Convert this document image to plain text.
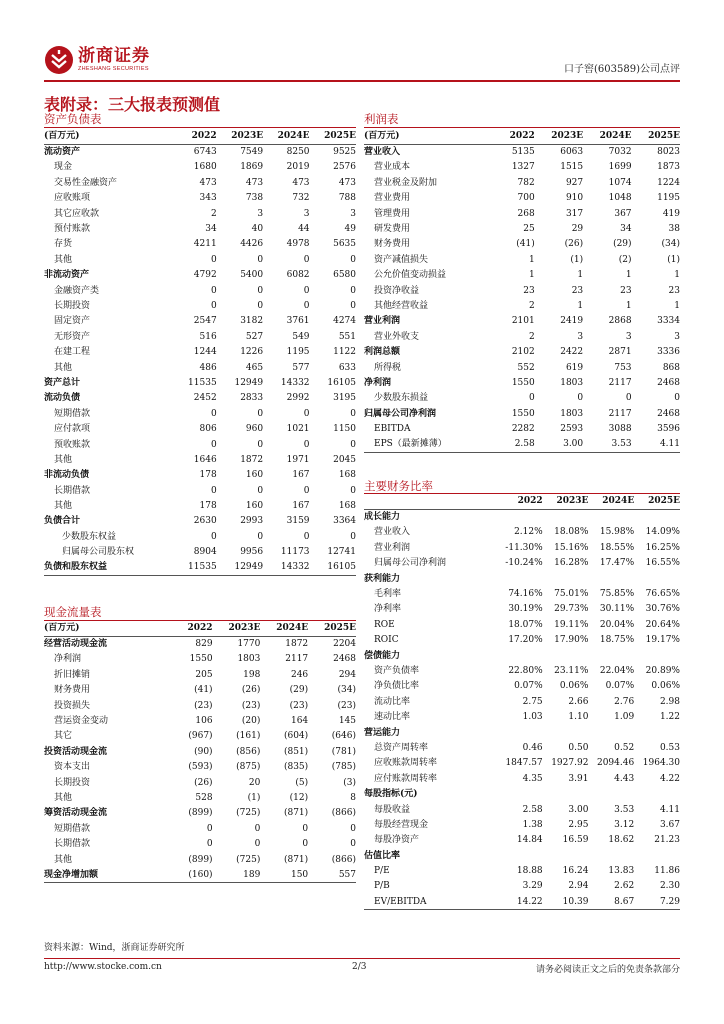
浙商证券
ZHESHANG SECURITIES	口子窖(603589)公司点评
表附录：三大报表预测值
资产负债表
(百万元)	2022	2023E	2024E	2025E
流动资产	6743	7549	8250	9525
现金	1680	1869	2019	2576
交易性金融资产	473	473	473	473
应收账项	343	738	732	788
其它应收款	2	3	3	3
预付账款	34	40	44	49
存货	4211	4426	4978	5635
其他	0	0	0	0
非流动资产	4792	5400	6082	6580
金融资产类	0	0	0	0
长期投资	0	0	0	0
固定资产	2547	3182	3761	4274
无形资产	516	527	549	551
在建工程	1244	1226	1195	1122
其他	486	465	577	633
资产总计	11535	12949	14332	16105
流动负债	2452	2833	2992	3195
短期借款	0	0	0	0
应付款项	806	960	1021	1150
预收账款	0	0	0	0
其他	1646	1872	1971	2045
非流动负债	178	160	167	168
长期借款	0	0	0	0
其他	178	160	167	168
负债合计	2630	2993	3159	3364
少数股东权益	0	0	0	0
归属母公司股东权	8904	9956	11173	12741
负债和股东权益	11535	12949	14332	16105
利润表
(百万元)	2022	2023E	2024E	2025E
营业收入	5135	6063	7032	8023
营业成本	1327	1515	1699	1873
营业税金及附加	782	927	1074	1224
营业费用	700	910	1048	1195
管理费用	268	317	367	419
研发费用	25	29	34	38
财务费用	(41)	(26)	(29)	(34)
资产减值损失	1	(1)	(2)	(1)
公允价值变动损益	1	1	1	1
投资净收益	23	23	23	23
其他经营收益	2	1	1	1
营业利润	2101	2419	2868	3334
营业外收支	2	3	3	3
利润总额	2102	2422	2871	3336
所得税	552	619	753	868
净利润	1550	1803	2117	2468
少数股东损益	0	0	0	0
归属母公司净利润	1550	1803	2117	2468
EBITDA	2282	2593	3088	3596
EPS（最新摊薄）	2.58	3.00	3.53	4.11
主要财务比率
	2022	2023E	2024E	2025E
成长能力				
营业收入	2.12%	18.08%	15.98%	14.09%
营业利润	-11.30%	15.16%	18.55%	16.25%
归属母公司净利润	-10.24%	16.28%	17.47%	16.55%
获利能力				
毛利率	74.16%	75.01%	75.85%	76.65%
净利率	30.19%	29.73%	30.11%	30.76%
ROE	18.07%	19.11%	20.04%	20.64%
ROIC	17.20%	17.90%	18.75%	19.17%
偿债能力				
资产负债率	22.80%	23.11%	22.04%	20.89%
净负债比率	0.07%	0.06%	0.07%	0.06%
流动比率	2.75	2.66	2.76	2.98
速动比率	1.03	1.10	1.09	1.22
营运能力				
总资产周转率	0.46	0.50	0.52	0.53
应收账款周转率	1847.57	1927.92	2094.46	1964.30
应付账款周转率	4.35	3.91	4.43	4.22
每股指标(元)				
每股收益	2.58	3.00	3.53	4.11
每股经营现金	1.38	2.95	3.12	3.67
每股净资产	14.84	16.59	18.62	21.23
估值比率				
P/E	18.88	16.24	13.83	11.86
P/B	3.29	2.94	2.62	2.30
EV/EBITDA	14.22	10.39	8.67	7.29
现金流量表
(百万元)	2022	2023E	2024E	2025E
经营活动现金流	829	1770	1872	2204
净利润	1550	1803	2117	2468
折旧摊销	205	198	246	294
财务费用	(41)	(26)	(29)	(34)
投资损失	(23)	(23)	(23)	(23)
营运资金变动	106	(20)	164	145
其它	(967)	(161)	(604)	(646)
投资活动现金流	(90)	(856)	(851)	(781)
资本支出	(593)	(875)	(835)	(785)
长期投资	(26)	20	(5)	(3)
其他	528	(1)	(12)	8
筹资活动现金流	(899)	(725)	(871)	(866)
短期借款	0	0	0	0
长期借款	0	0	0	0
其他	(899)	(725)	(871)	(866)
现金净增加额	(160)	189	150	557
资料来源：Wind，浙商证券研究所
http://www.stocke.com.cn	2/3	请务必阅读正文之后的免责条款部分
